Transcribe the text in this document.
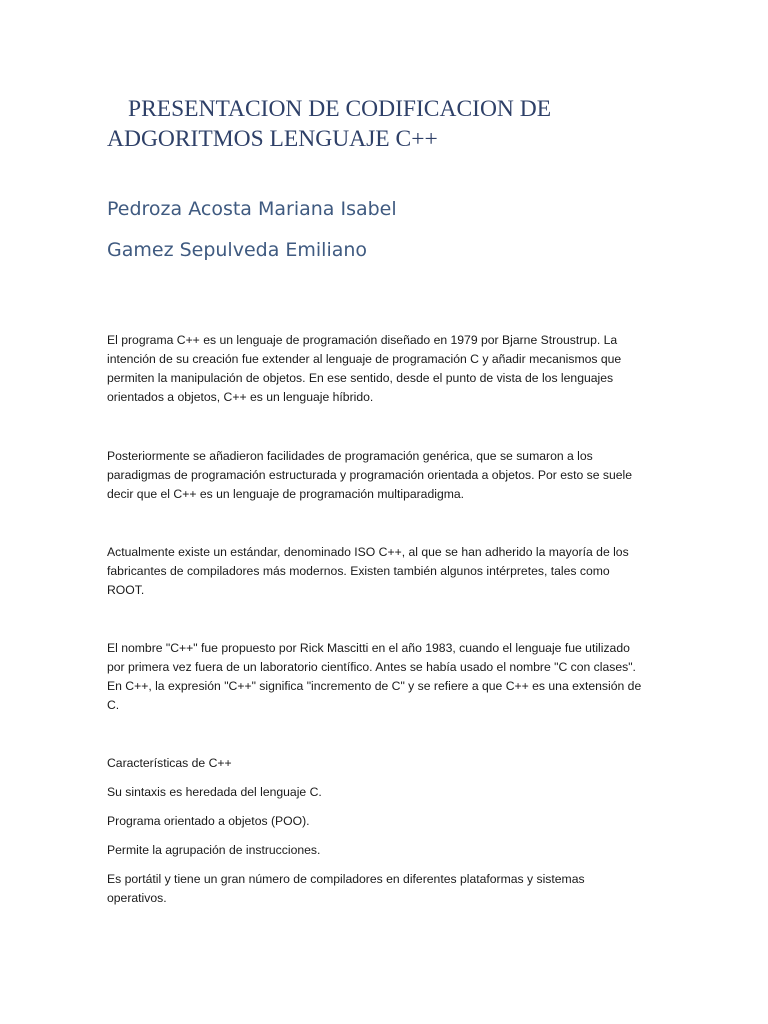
PRESENTACION DE CODIFICACION DE
ADGORITMOS LENGUAJE C++

Pedroza Acosta Mariana Isabel

Gamez Sepulveda Emiliano

El programa C++ es un lenguaje de programación diseñado en 1979 por Bjarne Stroustrup. La
intención de su creación fue extender al lenguaje de programación C y añadir mecanismos que
permiten la manipulación de objetos. En ese sentido, desde el punto de vista de los lenguajes
orientados a objetos, C++ es un lenguaje híbrido.

Posteriormente se añadieron facilidades de programación genérica, que se sumaron a los
paradigmas de programación estructurada y programación orientada a objetos. Por esto se suele
decir que el C++ es un lenguaje de programación multiparadigma.

Actualmente existe un estándar, denominado ISO C++, al que se han adherido la mayoría de los
fabricantes de compiladores más modernos. Existen también algunos intérpretes, tales como
ROOT.

El nombre "C++" fue propuesto por Rick Mascitti en el año 1983, cuando el lenguaje fue utilizado
por primera vez fuera de un laboratorio científico. Antes se había usado el nombre "C con clases".
En C++, la expresión "C++" significa "incremento de C" y se refiere a que C++ es una extensión de
C.

Características de C++

Su sintaxis es heredada del lenguaje C.

Programa orientado a objetos (POO).

Permite la agrupación de instrucciones.

Es portátil y tiene un gran número de compiladores en diferentes plataformas y sistemas
operativos.
